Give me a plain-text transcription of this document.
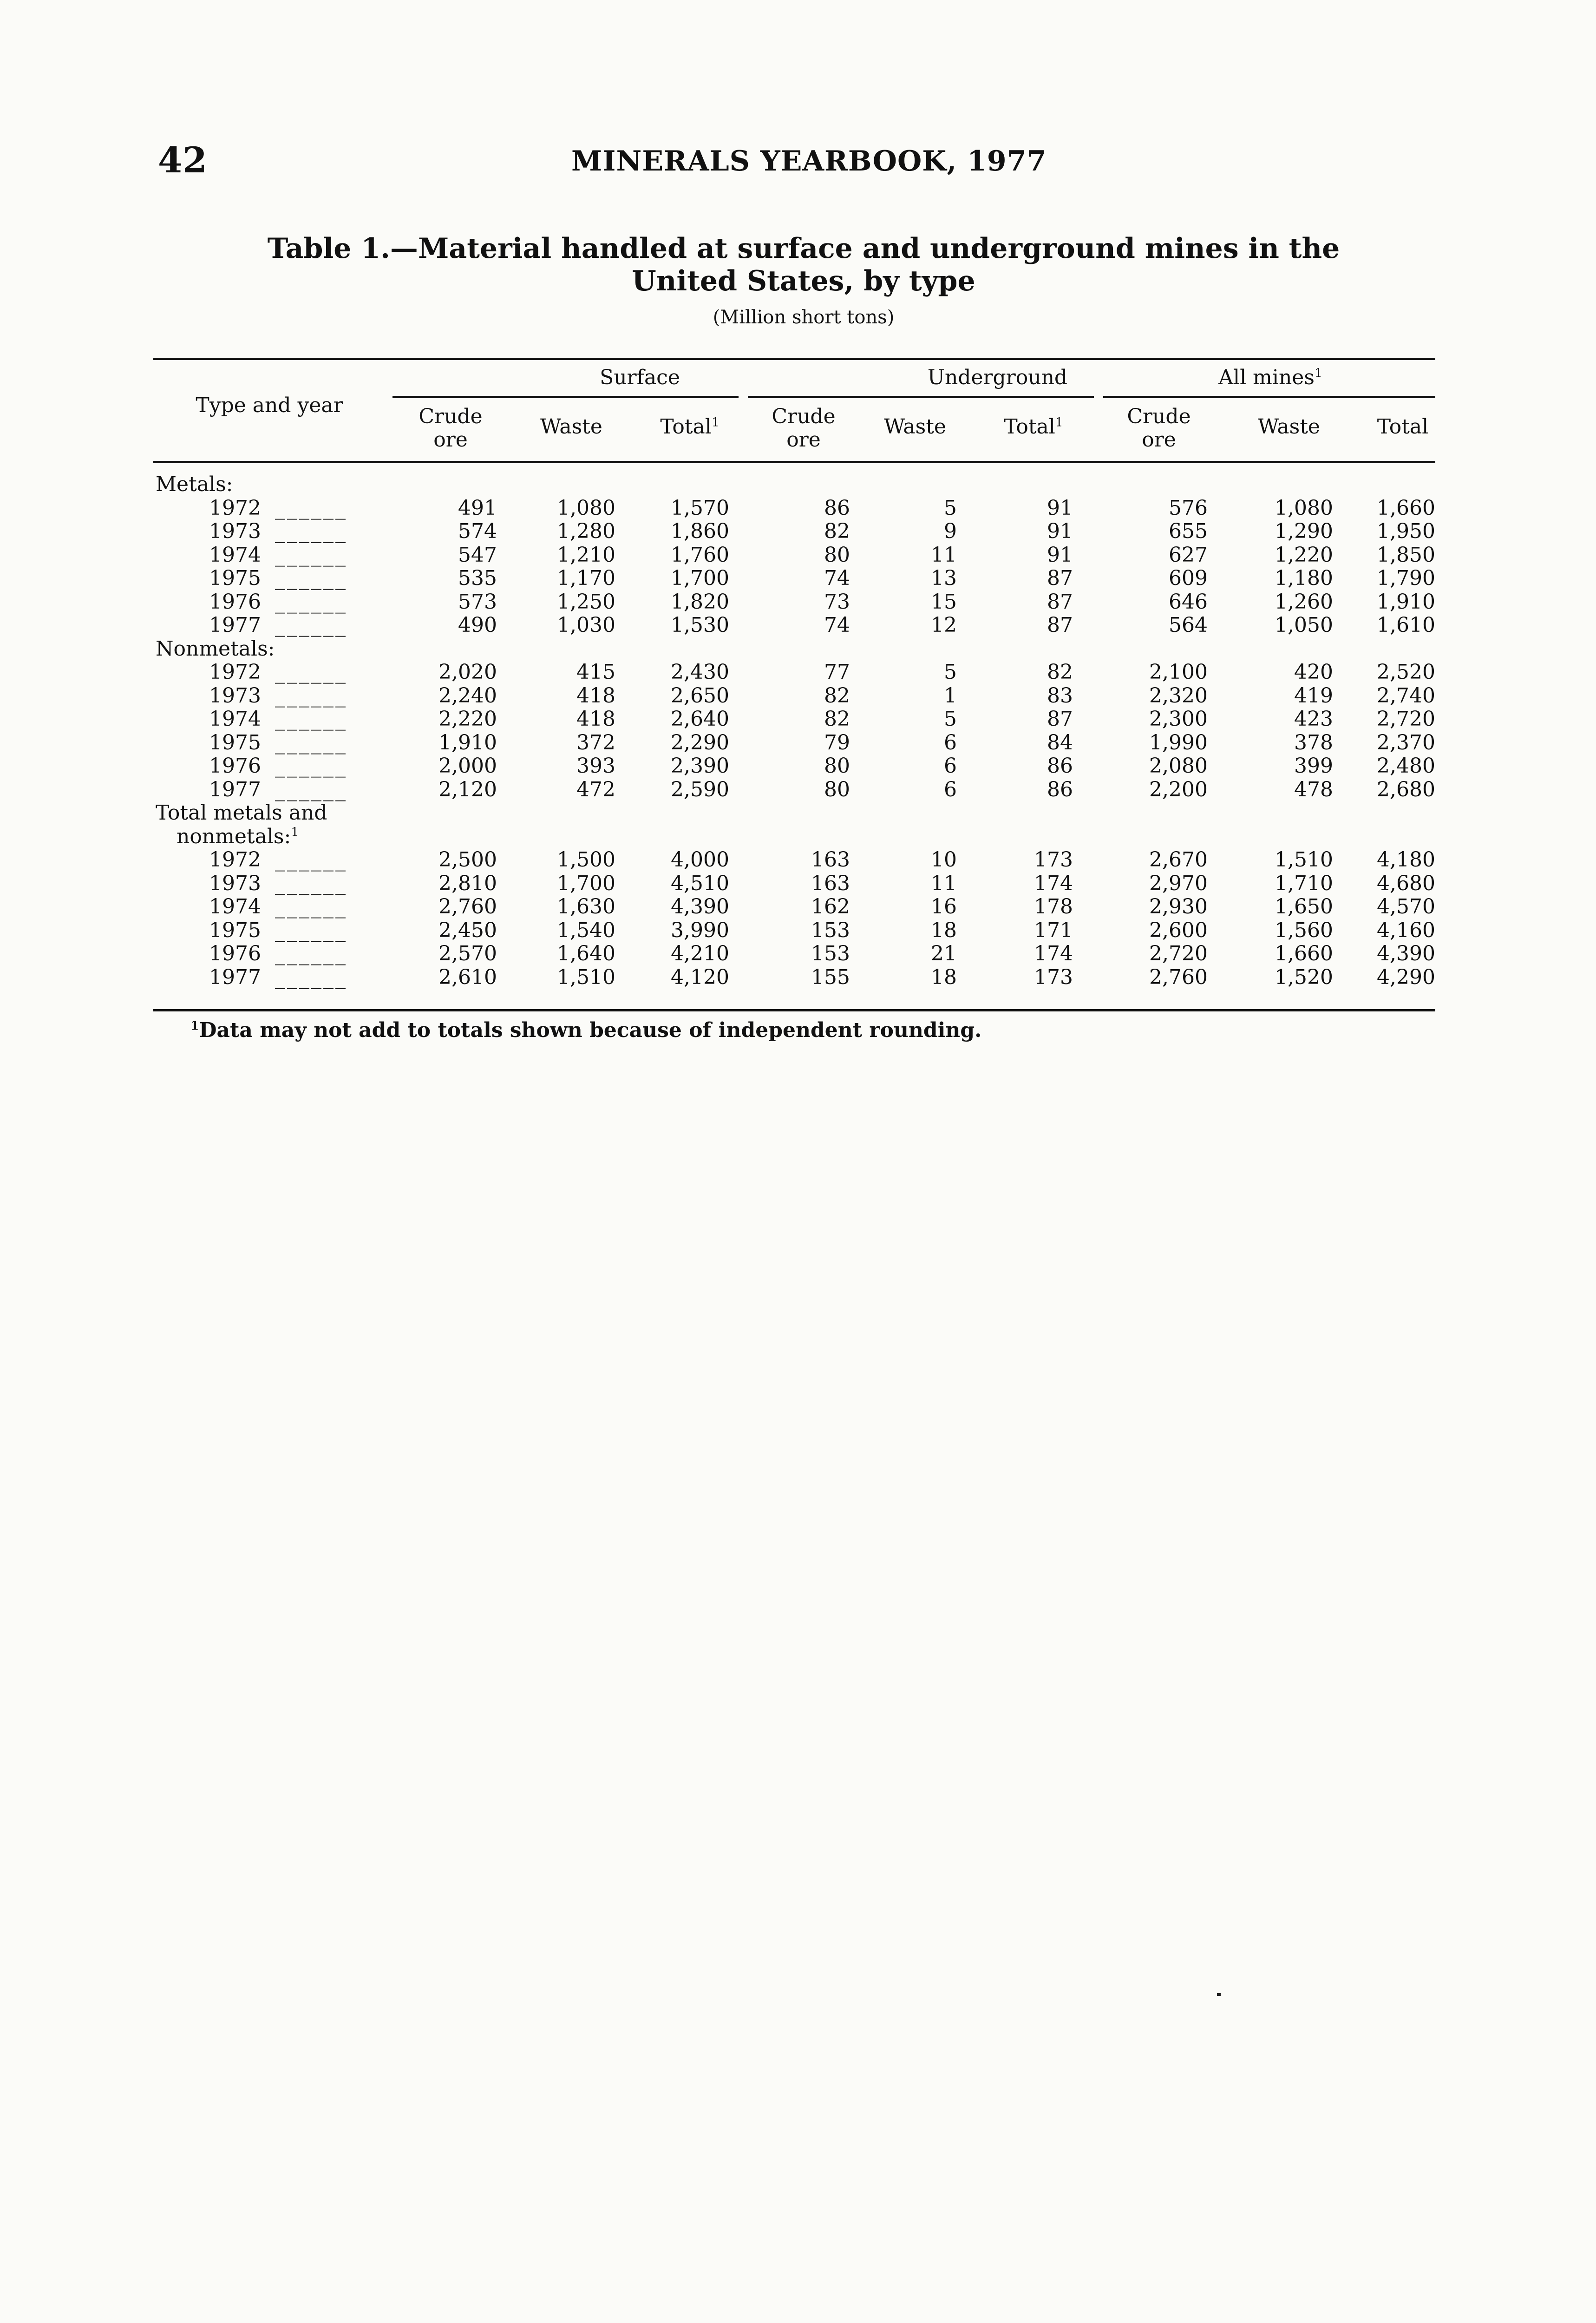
42	MINERALS YEARBOOK, 1977
Table 1.—Material handled at surface and underground mines in the
United States, by type
(Million short tons)
Type and year
Surface	Underground	All mines$^1$
Crude
ore
Waste	Total$^1$	Crude
ore
Waste	Total$^1$	Crude
ore
Waste	Total
Metals:
1972 ______	491	1,080	1,570	86	5	91	576	1,080	1,660
1973 ______	574	1,280	1,860	82	9	91	655	1,290	1,950
1974 ______	547	1,210	1,760	80	11	91	627	1,220	1,850
1975 ______	535	1,170	1,700	74	13	87	609	1,180	1,790
1976 ______	573	1,250	1,820	73	15	87	646	1,260	1,910
1977 ______	490	1,030	1,530	74	12	87	564	1,050	1,610
Nonmetals:
1972 ______	2,020	415	2,430	77	5	82	2,100	420	2,520
1973 ______	2,240	418	2,650	82	1	83	2,320	419	2,740
1974 ______	2,220	418	2,640	82	5	87	2,300	423	2,720
1975 ______	1,910	372	2,290	79	6	84	1,990	378	2,370
1976 ______	2,000	393	2,390	80	6	86	2,080	399	2,480
1977 ______	2,120	472	2,590	80	6	86	2,200	478	2,680
Total metals and
nonmetals:$^1$
1972 ______	2,500	1,500	4,000	163	10	173	2,670	1,510	4,180
1973 ______	2,810	1,700	4,510	163	11	174	2,970	1,710	4,680
1974 ______	2,760	1,630	4,390	162	16	178	2,930	1,650	4,570
1975 ______	2,450	1,540	3,990	153	18	171	2,600	1,560	4,160
1976 ______	2,570	1,640	4,210	153	21	174	2,720	1,660	4,390
1977 ______	2,610	1,510	4,120	155	18	173	2,760	1,520	4,290
$^1$Data may not add to totals shown because of independent rounding.
